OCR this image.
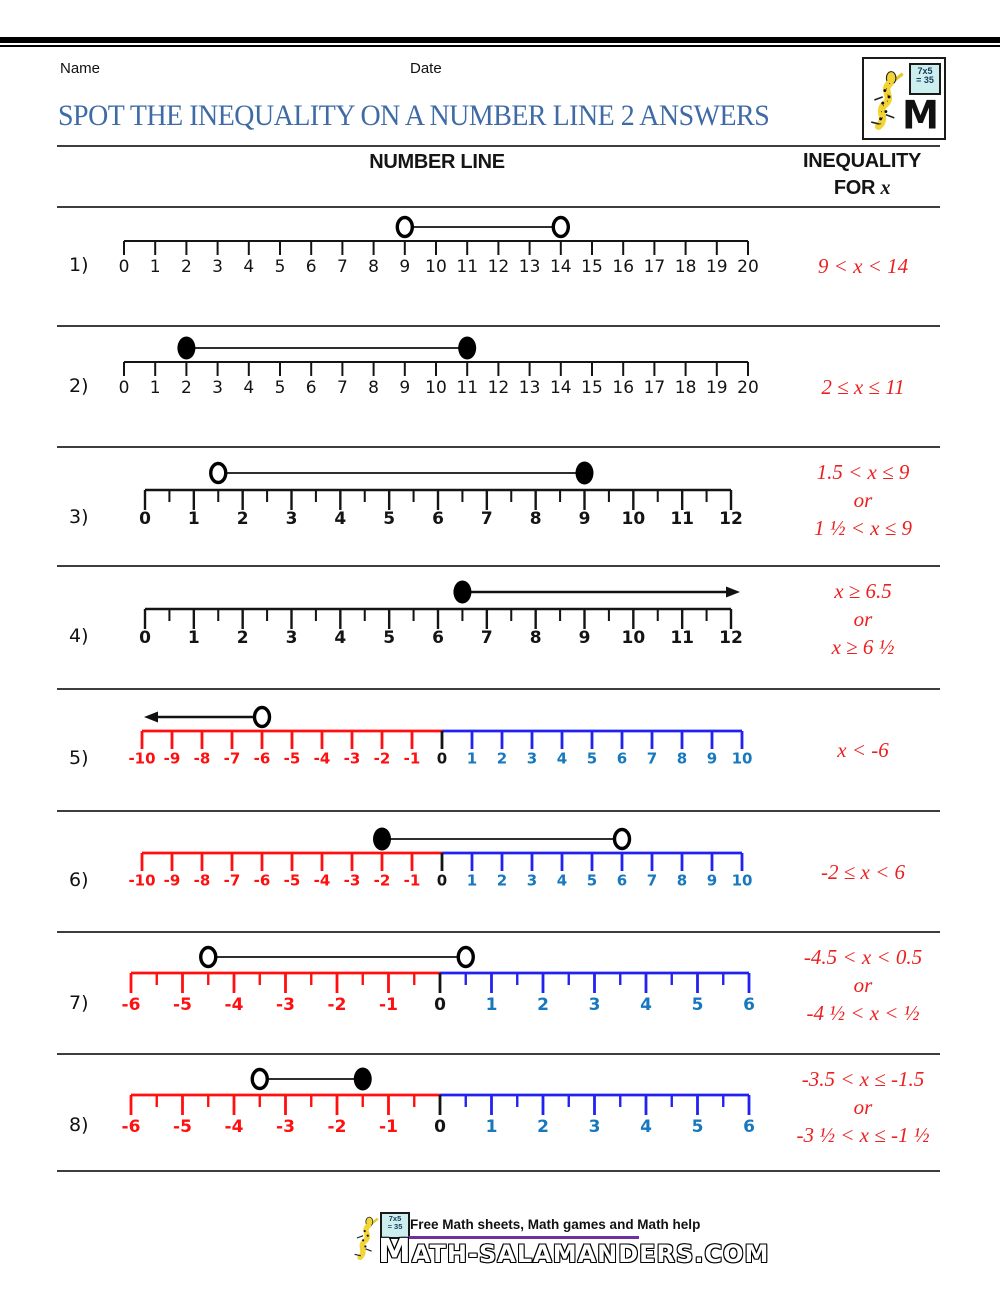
Name	Date	7x5
= 35
M
SPOT THE INEQUALITY ON A NUMBER LINE 2 ANSWERS
NUMBER LINE	INEQUALITY
FOR x
1) 0 1 2 3 4 5 6 7 8 9 10 11 12 13 14 15 16 17 18 19 20	9 < x < 14
2) 0 1 2 3 4 5 6 7 8 9 10 11 12 13 14 15 16 17 18 19 20	2 ≤ x ≤ 11
3)	0 1 2 3 4 5 6 7 8 9 10 11 12
1.5 < x ≤ 9
or
1 ½ < x ≤ 9
4)	0 1 2 3 4 5 6 7 8 9 10 11 12
x ≥ 6.5
or
x ≥ 6 ½
5)	-10 -9 -8 -7 -6 -5 -4 -3 -2 -1 0 1 2 3 4 5 6 7 8 9 10	x < -6
6)	-10 -9 -8 -7 -6 -5 -4 -3 -2 -1 0 1 2 3 4 5 6 7 8 9 10	-2 ≤ x < 6
7) -6 -5 -4 -3 -2 -1 0 1 2 3 4 5 6
-4.5 < x < 0.5
or
-4 ½ < x < ½
8) -6 -5 -4 -3 -2 -1 0 1 2 3 4 5 6
-3.5 < x ≤ -1.5
or
-3 ½ < x ≤ -1 ½
7x5
= 35 Free Math sheets, Math games and Math help
MATH-SALAMANDERS.COM
